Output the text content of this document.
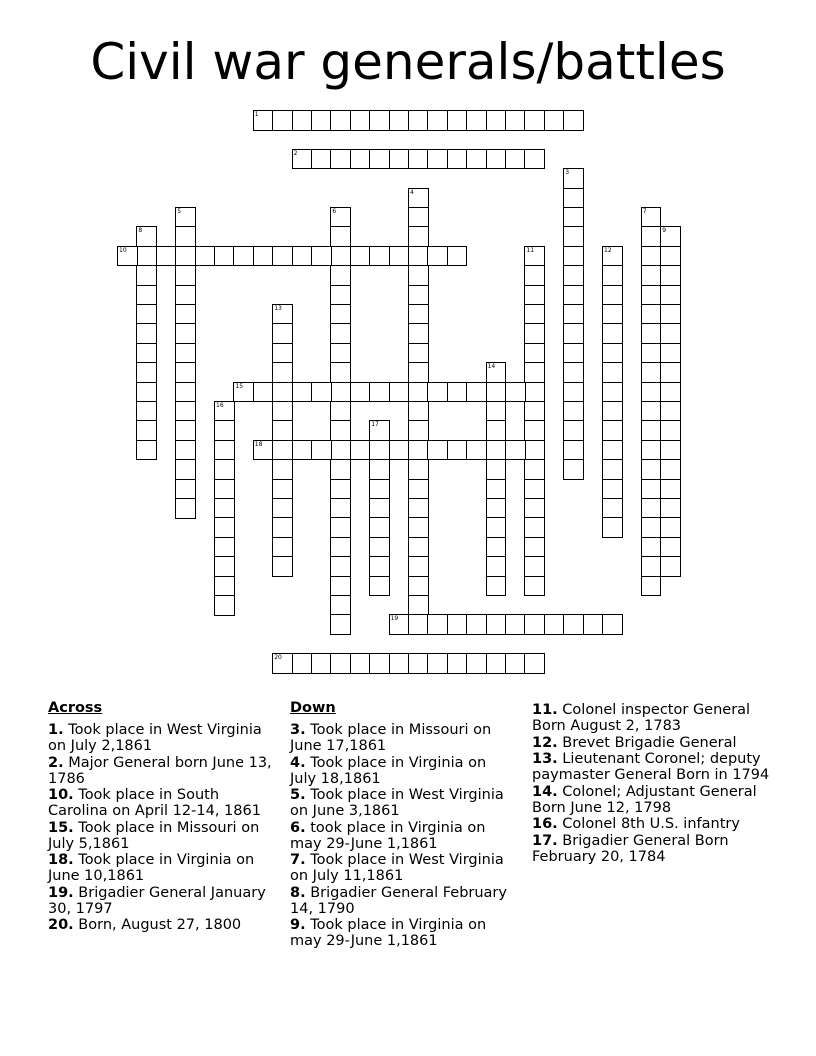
Civil war generals/battles
1
2
3
4
5	6	7
8	9
10	11	12
13
14
15
16
17
18
19
20
Across
1. Took place in West Virginia on July 2,1861
2. Major General born June 13, 1786
10. Took place in South Carolina on April 12-14, 1861
15. Took place in Missouri on July 5,1861
18. Took place in Virginia on June 10,1861
19. Brigadier General January 30, 1797
20. Born, August 27, 1800
Down
3. Took place in Missouri on June 17,1861
4. Took place in Virginia on July 18,1861
5. Took place in West Virginia on June 3,1861
6. took place in Virginia on may 29-June 1,1861
7. Took place in West Virginia on July 11,1861
8. Brigadier General February 14, 1790
9. Took place in Virginia on may 29-June 1,1861
11. Colonel inspector General Born August 2, 1783
12. Brevet Brigadie General
13. Lieutenant Coronel; deputy paymaster General Born in 1794
14. Colonel; Adjustant General Born June 12, 1798
16. Colonel 8th U.S. infantry
17. Brigadier General Born February 20, 1784
